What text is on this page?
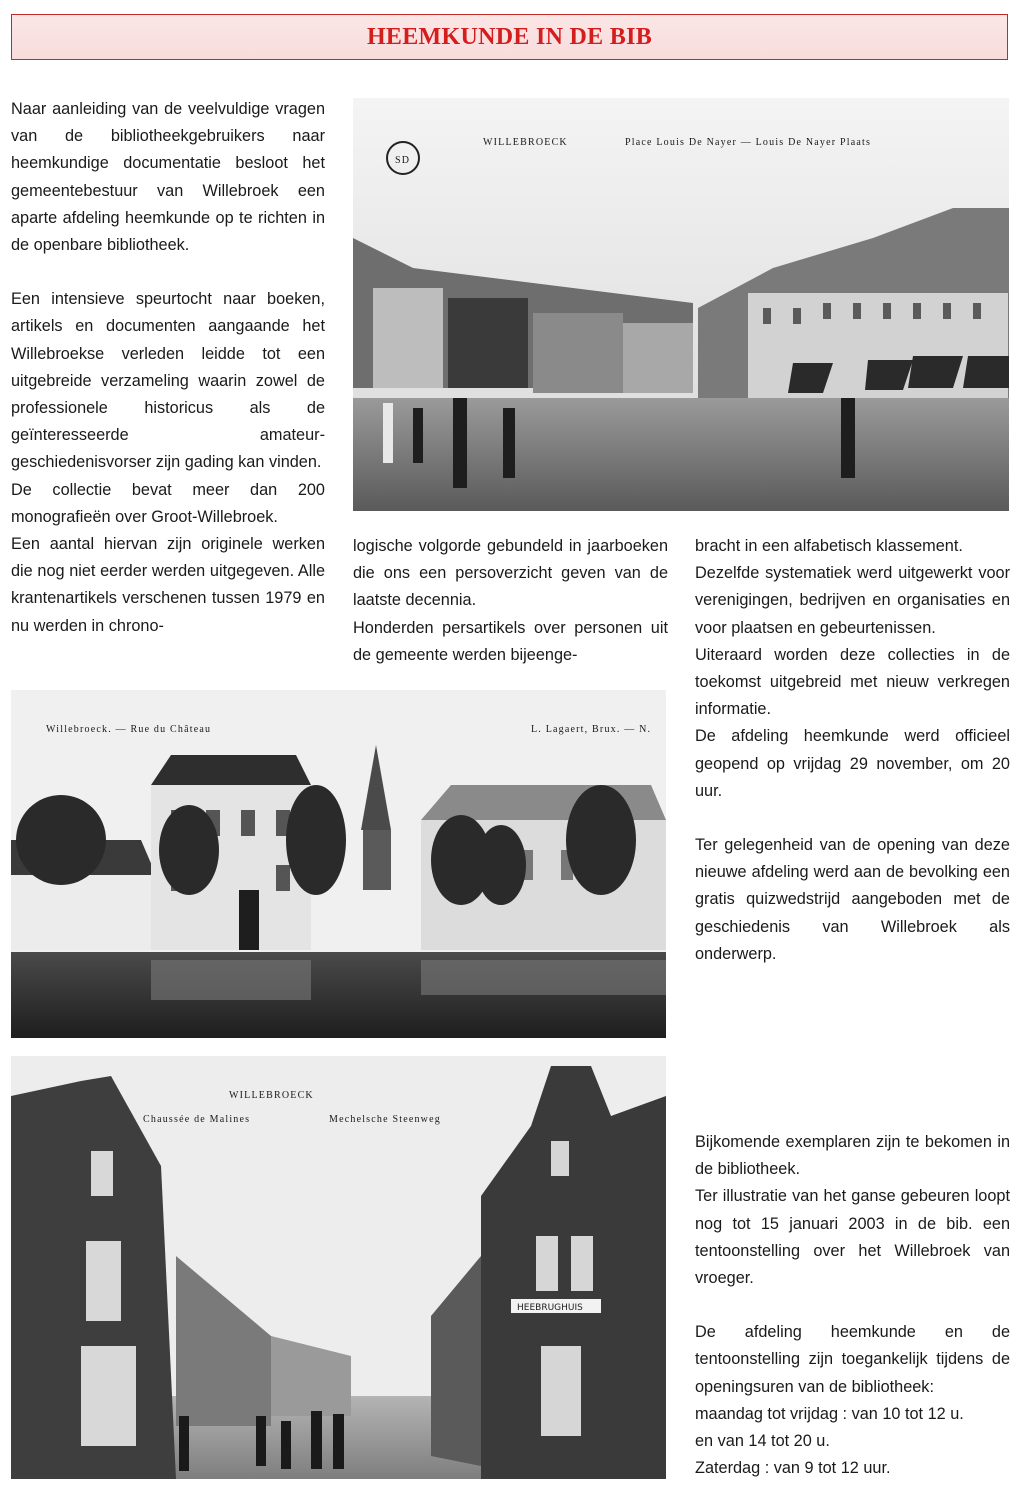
HEEMKUNDE IN DE BIB

Naar aanleiding van de veelvuldige vragen van de bibliotheekgebruikers naar heemkundige documentatie besloot het gemeentebestuur van Willebroek een aparte afdeling heemkunde op te richten in de openbare bibliotheek.

Een intensieve speurtocht naar boeken, artikels en documenten aangaande het Willebroekse verleden leidde tot een uitgebreide verzameling waarin zowel de professionele historicus als de geïnteresseerde amateur-geschiedenisvorser zijn gading kan vinden.

De collectie bevat meer dan 200 monografieën over Groot-Willebroek.

Een aantal hiervan zijn originele werken die nog niet eerder werden uitgegeven. Alle krantenartikels verschenen tussen 1979 en nu werden in chrono-

SD
WILLEBROECK	Place Louis De Nayer — Louis De Nayer Plaats

logische volgorde gebundeld in jaarboeken die ons een persoverzicht geven van de laatste decennia.

Honderden persartikels over personen uit de gemeente werden bijeenge-

bracht in een alfabetisch klassement.

Dezelfde systematiek werd uitgewerkt voor verenigingen, bedrijven en organisaties en voor plaatsen en gebeurtenissen.

Uiteraard worden deze collecties in de toekomst uitgebreid met nieuw verkregen informatie.

De afdeling heemkunde werd officieel geopend op vrijdag 29 november, om 20 uur.

Ter gelegenheid van de opening van deze nieuwe afdeling werd aan de bevolking een gratis quizwedstrijd aangeboden met de geschiedenis van Willebroek als onderwerp.

Willebroeck. — Rue du Château	L. Lagaert, Brux. — N.
HEEBRUGHUIS
WILLEBROECK
Chaussée de Malines	Mechelsche Steenweg

Bijkomende exemplaren zijn te bekomen in de bibliotheek.

Ter illustratie van het ganse gebeuren loopt nog tot 15 januari 2003 in de bib. een tentoonstelling over het Willebroek van vroeger.

De afdeling heemkunde en de tentoonstelling zijn toegankelijk tijdens de openingsuren van de bibliotheek:

maandag tot vrijdag : van 10 tot 12 u.

en van 14 tot 20 u.

Zaterdag : van 9 tot 12 uur.
